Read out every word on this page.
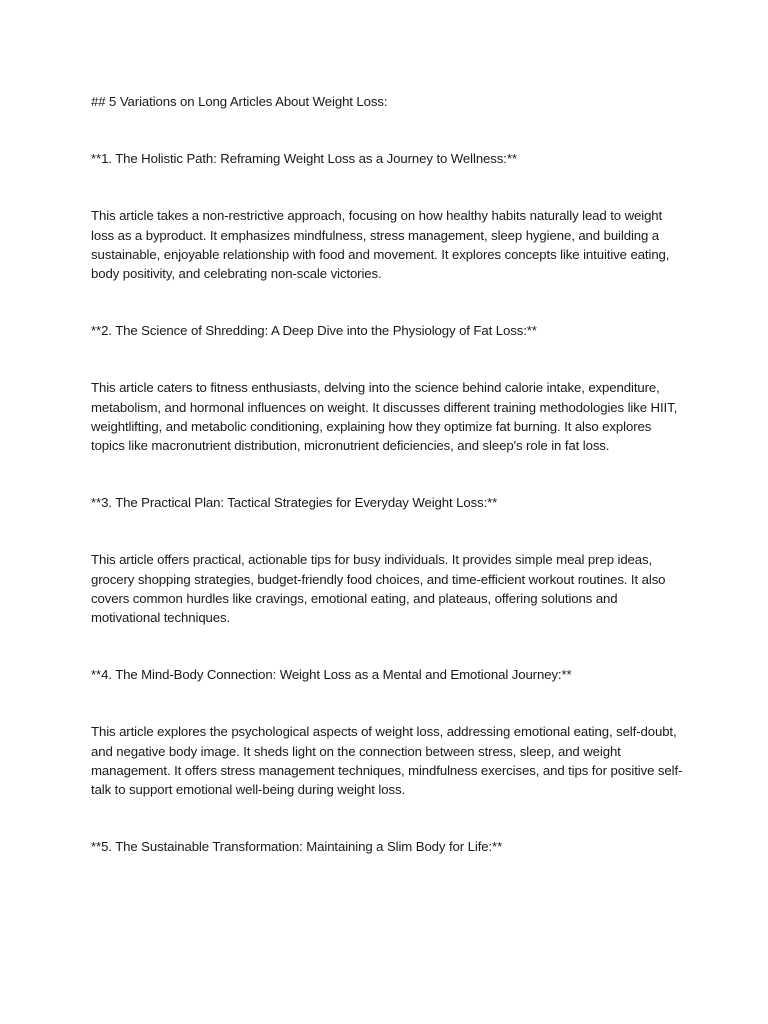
## 5 Variations on Long Articles About Weight Loss:

**1. The Holistic Path: Reframing Weight Loss as a Journey to Wellness:**

This article takes a non-restrictive approach, focusing on how healthy habits naturally lead to weight loss as a byproduct. It emphasizes mindfulness, stress management, sleep hygiene, and building a sustainable, enjoyable relationship with food and movement. It explores concepts like intuitive eating, body positivity, and celebrating non-scale victories.

**2. The Science of Shredding: A Deep Dive into the Physiology of Fat Loss:**

This article caters to fitness enthusiasts, delving into the science behind calorie intake, expenditure, metabolism, and hormonal influences on weight. It discusses different training methodologies like HIIT, weightlifting, and metabolic conditioning, explaining how they optimize fat burning. It also explores topics like macronutrient distribution, micronutrient deficiencies, and sleep's role in fat loss.

**3. The Practical Plan: Tactical Strategies for Everyday Weight Loss:**

This article offers practical, actionable tips for busy individuals. It provides simple meal prep ideas, grocery shopping strategies, budget-friendly food choices, and time-efficient workout routines. It also covers common hurdles like cravings, emotional eating, and plateaus, offering solutions and motivational techniques.

**4. The Mind-Body Connection: Weight Loss as a Mental and Emotional Journey:**

This article explores the psychological aspects of weight loss, addressing emotional eating, self-doubt, and negative body image. It sheds light on the connection between stress, sleep, and weight management. It offers stress management techniques, mindfulness exercises, and tips for positive self-talk to support emotional well-being during weight loss.

**5. The Sustainable Transformation: Maintaining a Slim Body for Life:**
